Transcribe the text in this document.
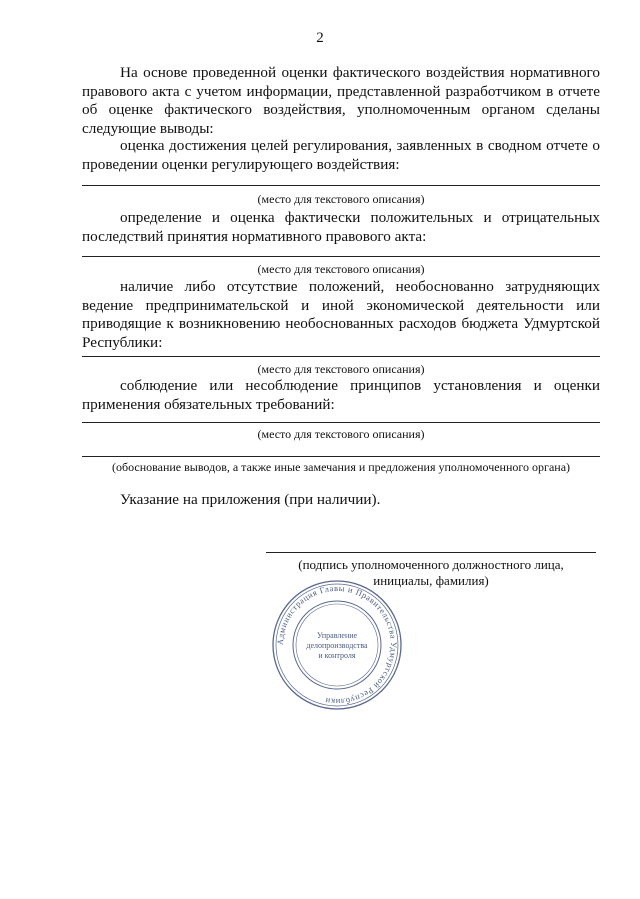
2

На основе проведенной оценки фактического воздействия нормативного правового акта с учетом информации, представленной разработчиком в отчете об оценке фактического воздействия, уполномоченным органом сделаны следующие выводы:

оценка достижения целей регулирования, заявленных в сводном отчете о проведении оценки регулирующего воздействия:

(место для текстового описания)

определение и оценка фактически положительных и отрицательных последствий принятия нормативного правового акта:

(место для текстового описания)

наличие либо отсутствие положений, необоснованно затрудняющих ведение предпринимательской и иной экономической деятельности или приводящие к возникновению необоснованных расходов бюджета Удмуртской Республики:

(место для текстового описания)

соблюдение или несоблюдение принципов установления и оценки применения обязательных требований:

(место для текстового описания)
(обоснование выводов, а также иные замечания и предложения уполномоченного органа)

Указание на приложения (при наличии).

(подпись уполномоченного должностного лица,
инициалы, фамилия)
Администрация Главы и Правительства Удмуртской Республики
Управление
делопроизводства
и контроля
